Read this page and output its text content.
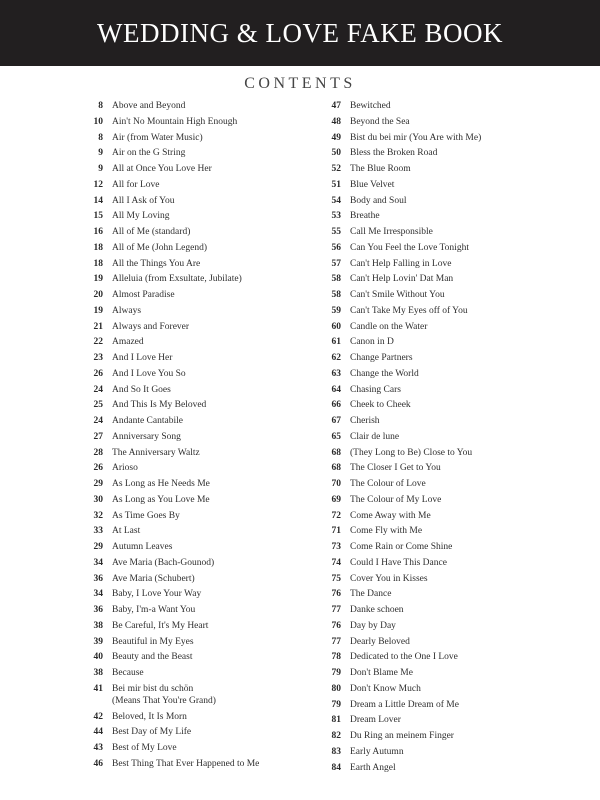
WEDDING & LOVE FAKE BOOK
CONTENTS
8 Above and Beyond
10 Ain't No Mountain High Enough
8 Air (from Water Music)
9 Air on the G String
9 All at Once You Love Her
12 All for Love
14 All I Ask of You
15 All My Loving
16 All of Me (standard)
18 All of Me (John Legend)
18 All the Things You Are
19 Alleluia (from Exsultate, Jubilate)
20 Almost Paradise
19 Always
21 Always and Forever
22 Amazed
23 And I Love Her
26 And I Love You So
24 And So It Goes
25 And This Is My Beloved
24 Andante Cantabile
27 Anniversary Song
28 The Anniversary Waltz
26 Arioso
29 As Long as He Needs Me
30 As Long as You Love Me
32 As Time Goes By
33 At Last
29 Autumn Leaves
34 Ave Maria (Bach-Gounod)
36 Ave Maria (Schubert)
34 Baby, I Love Your Way
36 Baby, I'm-a Want You
38 Be Careful, It's My Heart
39 Beautiful in My Eyes
40 Beauty and the Beast
38 Because
41 Bei mir bist du schön
(Means That You're Grand)
42 Beloved, It Is Morn
44 Best Day of My Life
43 Best of My Love
46 Best Thing That Ever Happened to Me
47 Bewitched
48 Beyond the Sea
49 Bist du bei mir (You Are with Me)
50 Bless the Broken Road
52 The Blue Room
51 Blue Velvet
54 Body and Soul
53 Breathe
55 Call Me Irresponsible
56 Can You Feel the Love Tonight
57 Can't Help Falling in Love
58 Can't Help Lovin' Dat Man
58 Can't Smile Without You
59 Can't Take My Eyes off of You
60 Candle on the Water
61 Canon in D
62 Change Partners
63 Change the World
64 Chasing Cars
66 Cheek to Cheek
67 Cherish
65 Clair de lune
68 (They Long to Be) Close to You
68 The Closer I Get to You
70 The Colour of Love
69 The Colour of My Love
72 Come Away with Me
71 Come Fly with Me
73 Come Rain or Come Shine
74 Could I Have This Dance
75 Cover You in Kisses
76 The Dance
77 Danke schoen
76 Day by Day
77 Dearly Beloved
78 Dedicated to the One I Love
79 Don't Blame Me
80 Don't Know Much
79 Dream a Little Dream of Me
81 Dream Lover
82 Du Ring an meinem Finger
83 Early Autumn
84 Earth Angel
